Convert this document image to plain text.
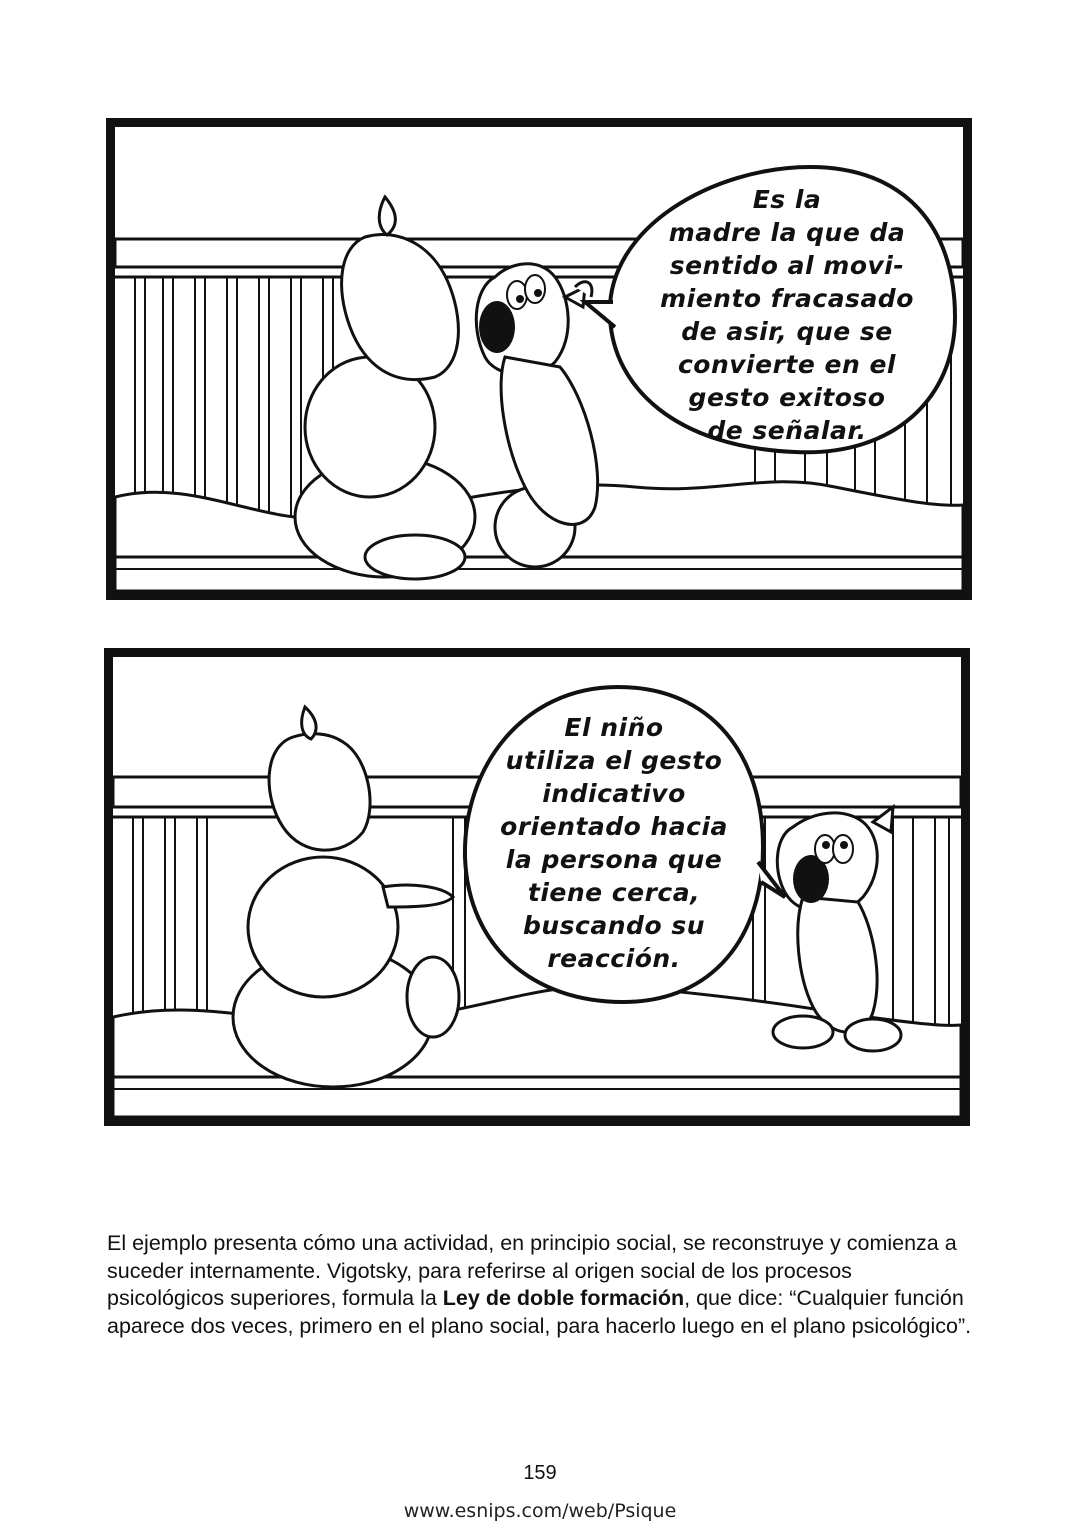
Es la
madre la que da
sentido al movi-
miento fracasado
de asir, que se
convierte en el
gesto exitoso
de señalar.
El niño
utiliza el gesto
indicativo
orientado hacia
la persona que
tiene cerca,
buscando su
reacción.
El ejemplo presenta cómo una actividad, en principio social, se reconstruye y comienza a suceder internamente. Vigotsky, para referirse al origen social de los procesos psicológicos superiores, formula la Ley de doble formación, que dice: “Cualquier función aparece dos veces, primero en el plano social, para hacerlo luego en el plano psicológico”.
159
www.esnips.com/web/Psique
